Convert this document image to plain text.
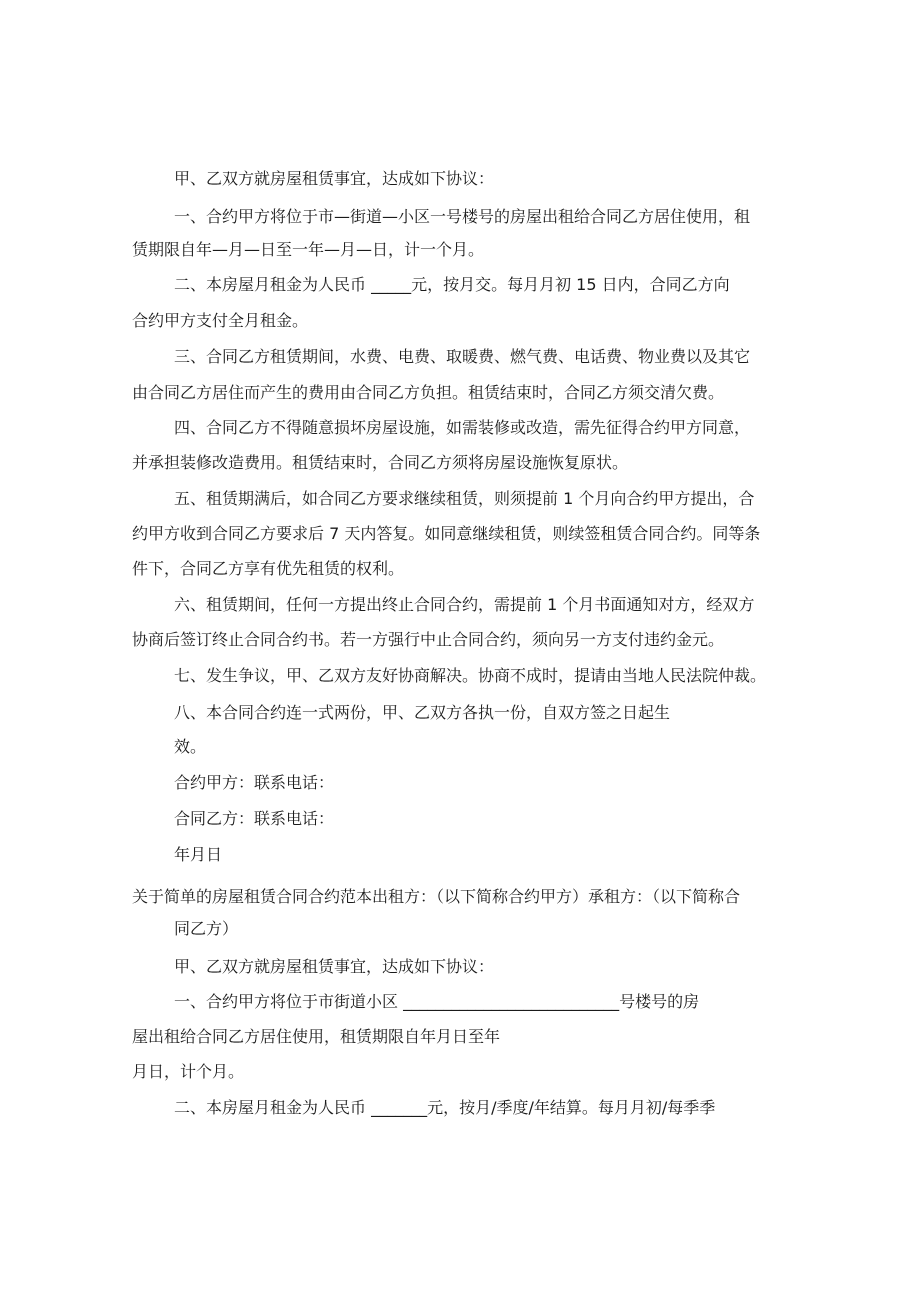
甲、乙双方就房屋租赁事宜，达成如下协议：
一、合约甲方将位于市—街道—小区一号楼号的房屋出租给合同乙方居住使用，租
赁期限自年—月—日至一年—月—日，计一个月。
二、本房屋月租金为人民币 _____元，按月交。每月月初 15 日内，合同乙方向
合约甲方支付全月租金。
三、合同乙方租赁期间，水费、电费、取暖费、燃气费、电话费、物业费以及其它
由合同乙方居住而产生的费用由合同乙方负担。租赁结束时，合同乙方须交清欠费。
四、合同乙方不得随意损坏房屋设施，如需装修或改造，需先征得合约甲方同意，
并承担装修改造费用。租赁结束时，合同乙方须将房屋设施恢复原状。
五、租赁期满后，如合同乙方要求继续租赁，则须提前 1 个月向合约甲方提出，合
约甲方收到合同乙方要求后 7 天内答复。如同意继续租赁，则续签租赁合同合约。同等条
件下，合同乙方享有优先租赁的权利。
六、租赁期间，任何一方提出终止合同合约，需提前 1 个月书面通知对方，经双方
协商后签订终止合同合约书。若一方强行中止合同合约，须向另一方支付违约金元。
七、发生争议，甲、乙双方友好协商解决。协商不成时，提请由当地人民法院仲裁。
八、本合同合约连一式两份，甲、乙双方各执一份，自双方签之日起生
效。
合约甲方：联系电话：
合同乙方：联系电话：
年月日
关于简单的房屋租赁合同合约范本出租方：（以下简称合约甲方）承租方：（以下简称合
同乙方）
甲、乙双方就房屋租赁事宜，达成如下协议：
一、合约甲方将位于市街道小区 ___________________________号楼号的房
屋出租给合同乙方居住使用，租赁期限自年月日至年
月日，计个月。
二、本房屋月租金为人民币 _______元，按月/季度/年结算。每月月初/每季季
